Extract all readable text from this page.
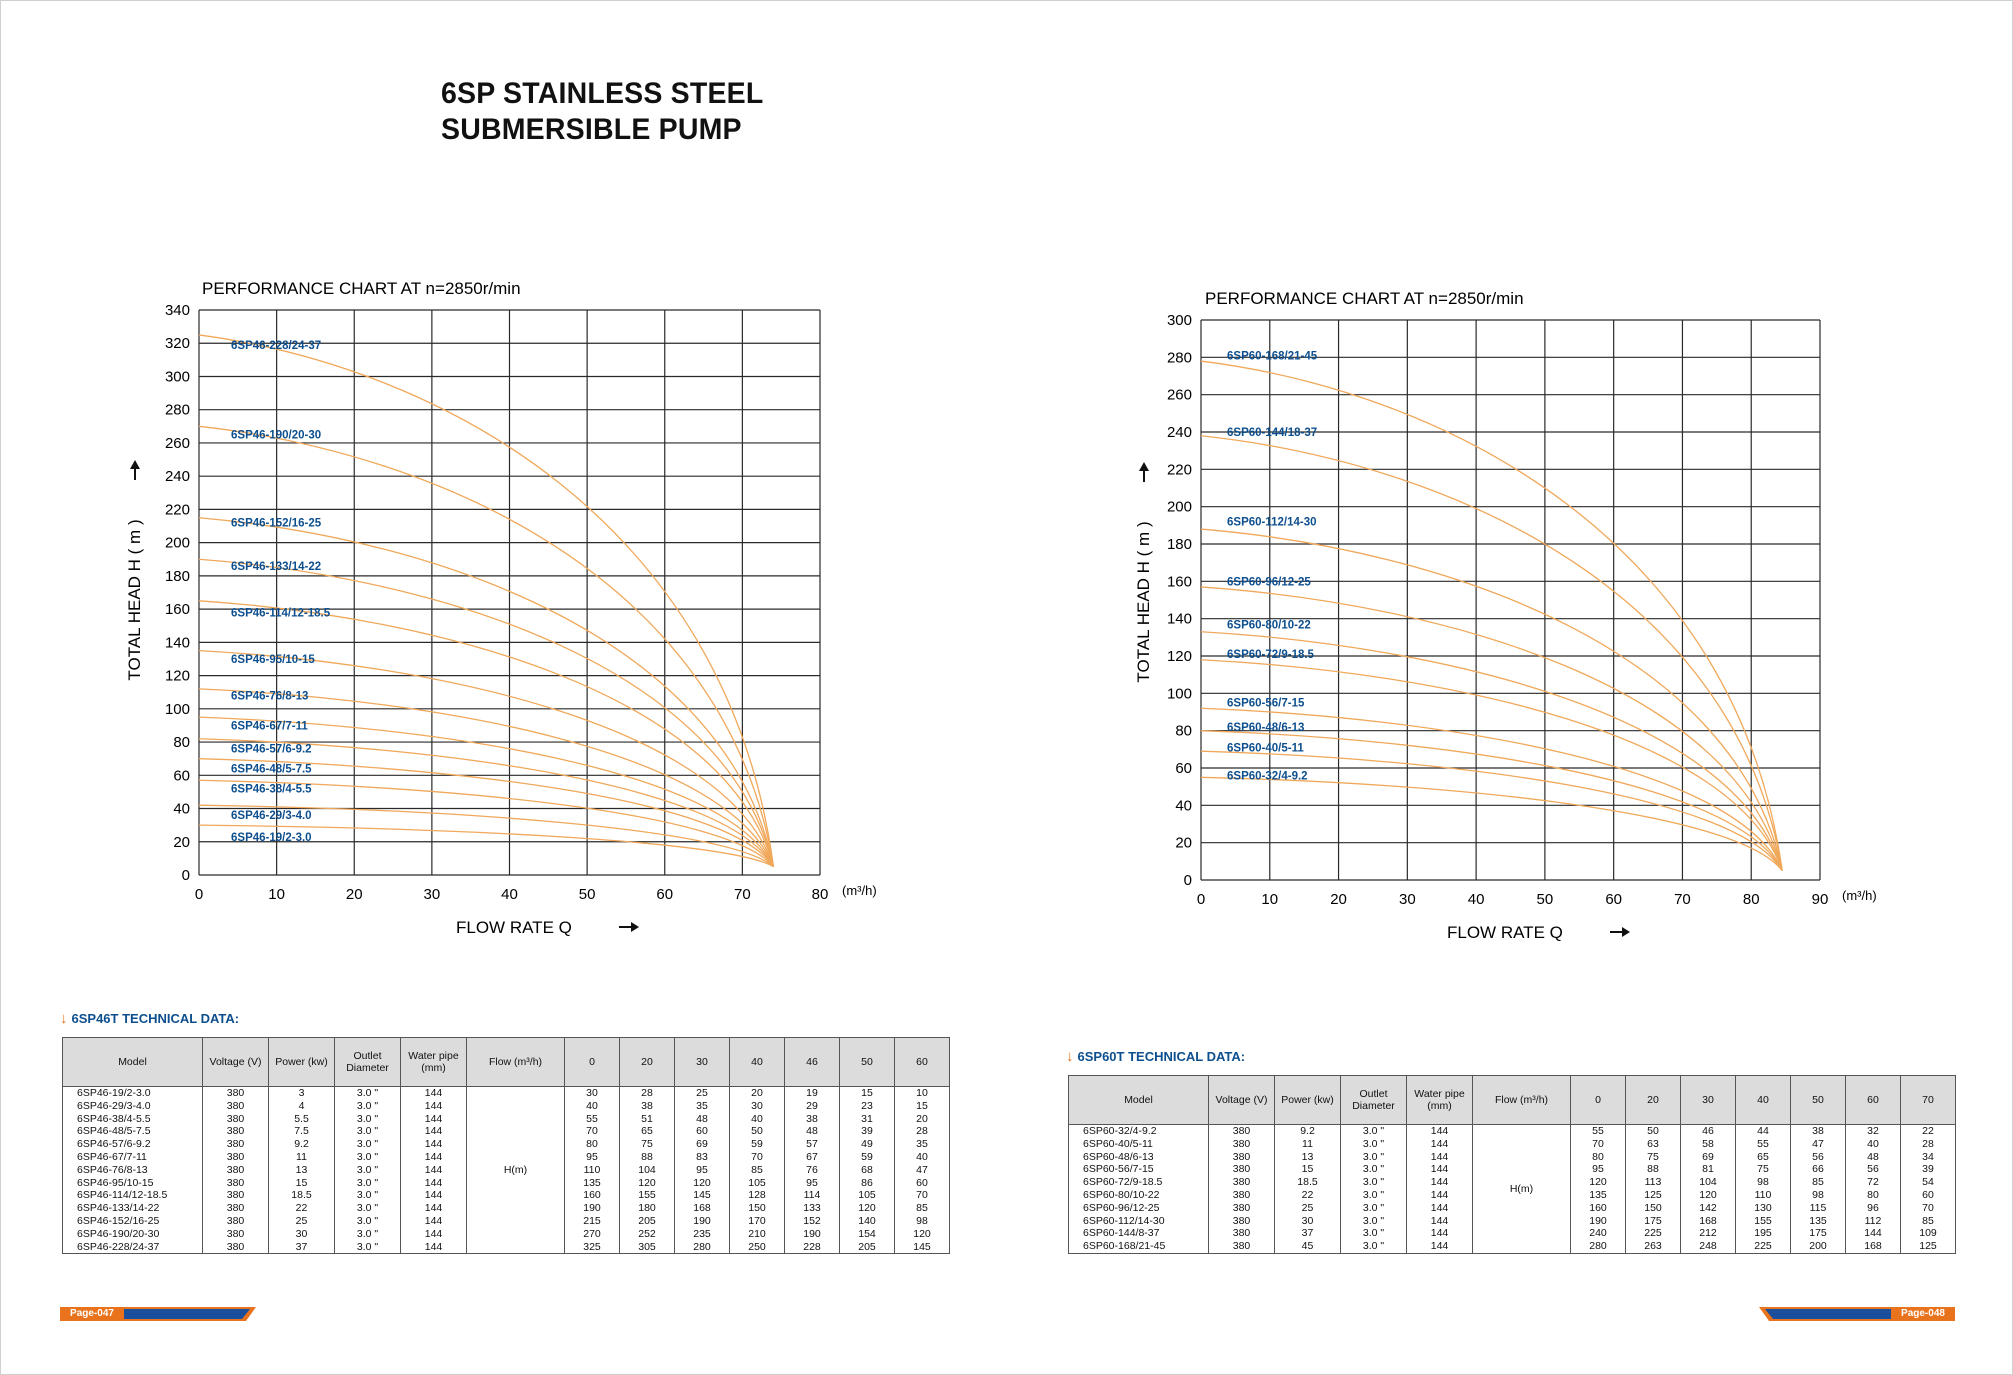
6SP STAINLESS STEEL
SUBMERSIBLE PUMP
PERFORMANCE CHART AT n=2850r/min
0
20
40
60
80
100
120
140
160
180
200
220
240
260
280
300
320
340
0	10	20	30	40	50	60	70	80 (m³/h)
FLOW RATE Q
TOTAL HEAD H ( m )
6SP46-228/24-37
6SP46-190/20-30
6SP46-152/16-25
6SP46-133/14-22
6SP46-114/12-18.5
6SP46-95/10-15
6SP46-76/8-13
6SP46-67/7-11
6SP46-57/6-9.2
6SP46-48/5-7.5
6SP46-38/4-5.5
6SP46-29/3-4.0
6SP46-19/2-3.0
PERFORMANCE CHART AT n=2850r/min
0
20
40
60
80
100
120
140
160
180
200
220
240
260
280
300
0	10	20	30	40	50	60	70	80	90 (m³/h)
FLOW RATE Q
TOTAL HEAD H ( m )
6SP60-168/21-45
6SP60-144/18-37
6SP60-112/14-30
6SP60-96/12-25
6SP60-80/10-22
6SP60-72/9-18.5
6SP60-56/7-15
6SP60-48/6-13
6SP60-40/5-11
6SP60-32/4-9.2
↓ 6SP46T TECHNICAL DATA:
Model	Voltage (V)	Power (kw)	Outlet Diameter	Water pipe (mm)	Flow (m³/h)	0	20	30	40	46	50	60
6SP46-19/2-3.0	380	3	3.0 "	144	H(m)	30	28	25	20	19	15	10
6SP46-29/3-4.0	380	4	3.0 "	144		40	38	35	30	29	23	15
6SP46-38/4-5.5	380	5.5	3.0 "	144		55	51	48	40	38	31	20
6SP46-48/5-7.5	380	7.5	3.0 "	144		70	65	60	50	48	39	28
6SP46-57/6-9.2	380	9.2	3.0 "	144		80	75	69	59	57	49	35
6SP46-67/7-11	380	11	3.0 "	144		95	88	83	70	67	59	40
6SP46-76/8-13	380	13	3.0 "	144		110	104	95	85	76	68	47
6SP46-95/10-15	380	15	3.0 "	144		135	120	120	105	95	86	60
6SP46-114/12-18.5	380	18.5	3.0 "	144		160	155	145	128	114	105	70
6SP46-133/14-22	380	22	3.0 "	144		190	180	168	150	133	120	85
6SP46-152/16-25	380	25	3.0 "	144		215	205	190	170	152	140	98
6SP46-190/20-30	380	30	3.0 "	144		270	252	235	210	190	154	120
6SP46-228/24-37	380	37	3.0 "	144		325	305	280	250	228	205	145
↓ 6SP60T TECHNICAL DATA:
Model	Voltage (V)	Power (kw)	Outlet Diameter	Water pipe (mm)	Flow (m³/h)	0	20	30	40	50	60	70
6SP60-32/4-9.2	380	9.2	3.0 "	144	H(m)	55	50	46	44	38	32	22
6SP60-40/5-11	380	11	3.0 "	144		70	63	58	55	47	40	28
6SP60-48/6-13	380	13	3.0 "	144		80	75	69	65	56	48	34
6SP60-56/7-15	380	15	3.0 "	144		95	88	81	75	66	56	39
6SP60-72/9-18.5	380	18.5	3.0 "	144		120	113	104	98	85	72	54
6SP60-80/10-22	380	22	3.0 "	144		135	125	120	110	98	80	60
6SP60-96/12-25	380	25	3.0 "	144		160	150	142	130	115	96	70
6SP60-112/14-30	380	30	3.0 "	144		190	175	168	155	135	112	85
6SP60-144/8-37	380	37	3.0 "	144		240	225	212	195	175	144	109
6SP60-168/21-45	380	45	3.0 "	144		280	263	248	225	200	168	125
Page-047	Page-048
